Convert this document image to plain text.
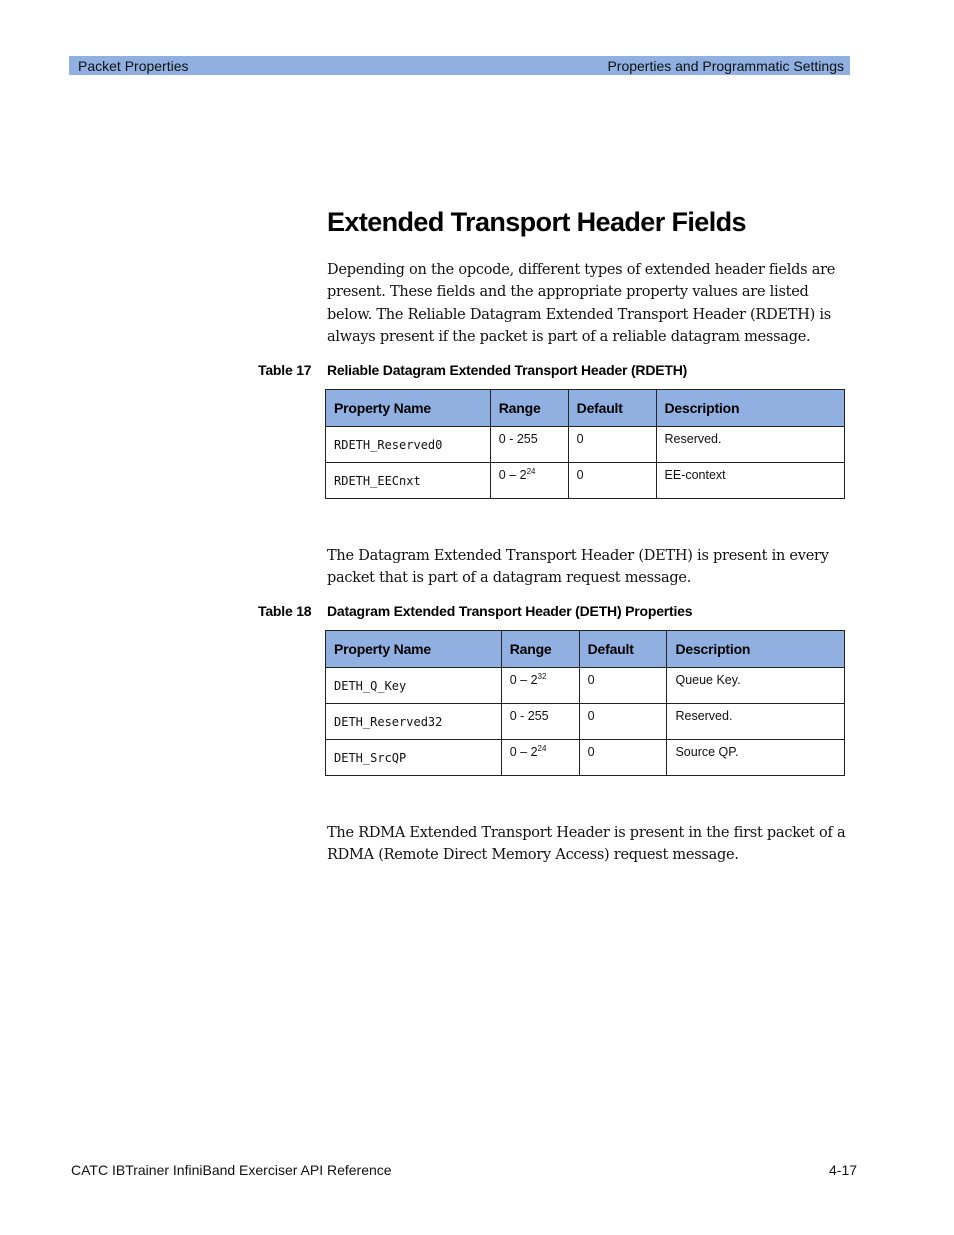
Packet Properties	Properties and Programmatic Settings
Extended Transport Header Fields

Depending on the opcode, different types of extended header fields are present. These fields and the appropriate property values are listed below. The Reliable Datagram Extended Transport Header (RDETH) is always present if the packet is part of a reliable datagram message.

Table 17	Reliable Datagram Extended Transport Header (RDETH)
Property Name	Range	Default	Description
RDETH_Reserved0	0 - 255	0	Reserved.
RDETH_EECnxt	$0 - 2^{24}$	0	EE-context

The Datagram Extended Transport Header (DETH) is present in every packet that is part of a datagram request message.

Table 18	Datagram Extended Transport Header (DETH) Properties
Property Name	Range	Default	Description
DETH_Q_Key	$0 - 2^{32}$	0	Queue Key.
DETH_Reserved32	0 - 255	0	Reserved.
DETH_SrcQP	$0 - 2^{24}$	0	Source QP.

The RDMA Extended Transport Header is present in the first packet of a RDMA (Remote Direct Memory Access) request message.

CATC IBTrainer InfiniBand Exerciser API Reference	4-17
